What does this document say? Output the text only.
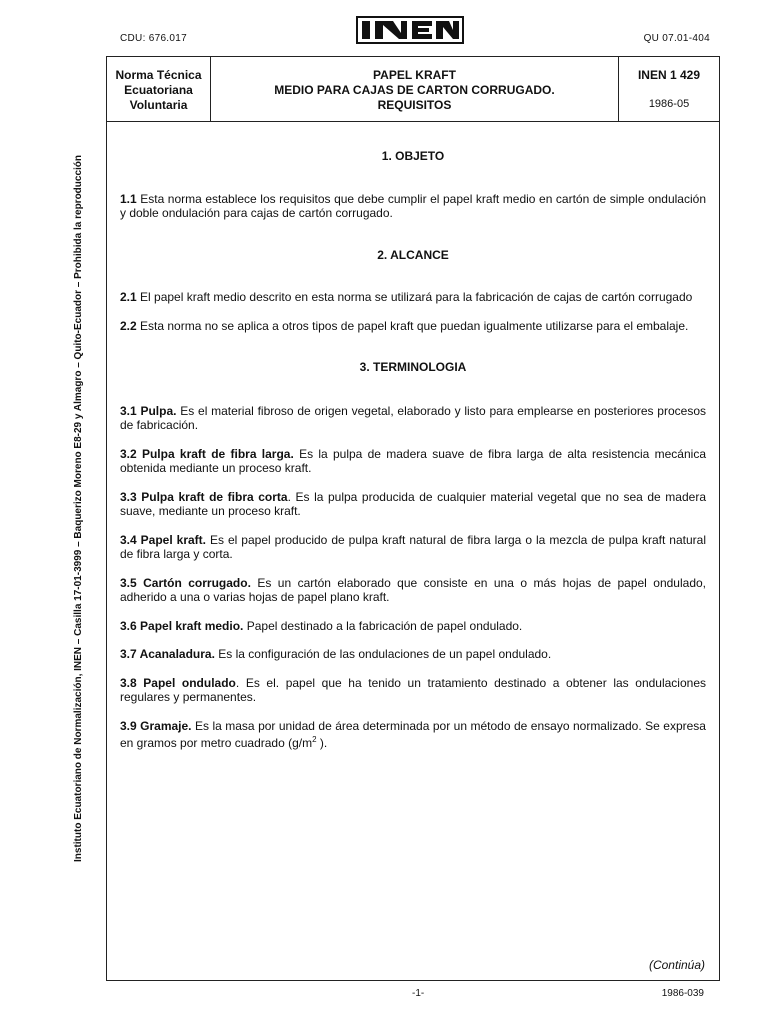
CDU: 676.017	QU 07.01-404
Instituto Ecuatoriano de Normalización, INEN – Casilla 17-01-3999 – Baquerizo Moreno E8-29 y Almagro – Quito-Ecuador – Prohibida la reproducción
Norma Técnica
Ecuatoriana
Voluntaria
PAPEL KRAFT
MEDIO PARA CAJAS DE CARTON CORRUGADO.
REQUISITOS
INEN 1 429
1986-05

1. OBJETO

1.1 Esta norma establece los requisitos que debe cumplir el papel kraft medio en cartón de simple ondulación y doble ondulación para cajas de cartón corrugado.

2. ALCANCE

2.1 El papel kraft medio descrito en esta norma se utilizará para la fabricación de cajas de cartón corrugado

2.2 Esta norma no se aplica a otros tipos de papel kraft que puedan igualmente utilizarse para el embalaje.

3. TERMINOLOGIA

3.1 Pulpa. Es el material fibroso de origen vegetal, elaborado y listo para emplearse en posteriores procesos de fabricación.

3.2 Pulpa kraft de fibra larga. Es la pulpa de madera suave de fibra larga de alta resistencia mecánica obtenida mediante un proceso kraft.

3.3 Pulpa kraft de fibra corta. Es la pulpa producida de cualquier material vegetal que no sea de madera suave, mediante un proceso kraft.

3.4 Papel kraft. Es el papel producido de pulpa kraft natural de fibra larga o la mezcla de pulpa kraft natural de fibra larga y corta.

3.5 Cartón corrugado. Es un cartón elaborado que consiste en una o más hojas de papel ondulado, adherido a una o varias hojas de papel plano kraft.

3.6 Papel kraft medio. Papel destinado a la fabricación de papel ondulado.

3.7 Acanaladura. Es la configuración de las ondulaciones de un papel ondulado.

3.8 Papel ondulado. Es el. papel que ha tenido un tratamiento destinado a obtener las ondulaciones regulares y permanentes.

3.9 Gramaje. Es la masa por unidad de área determinada por un método de ensayo normalizado. Se expresa en gramos por metro cuadrado ($g/m^2$ ).

(Continúa)
-1-	1986-039
